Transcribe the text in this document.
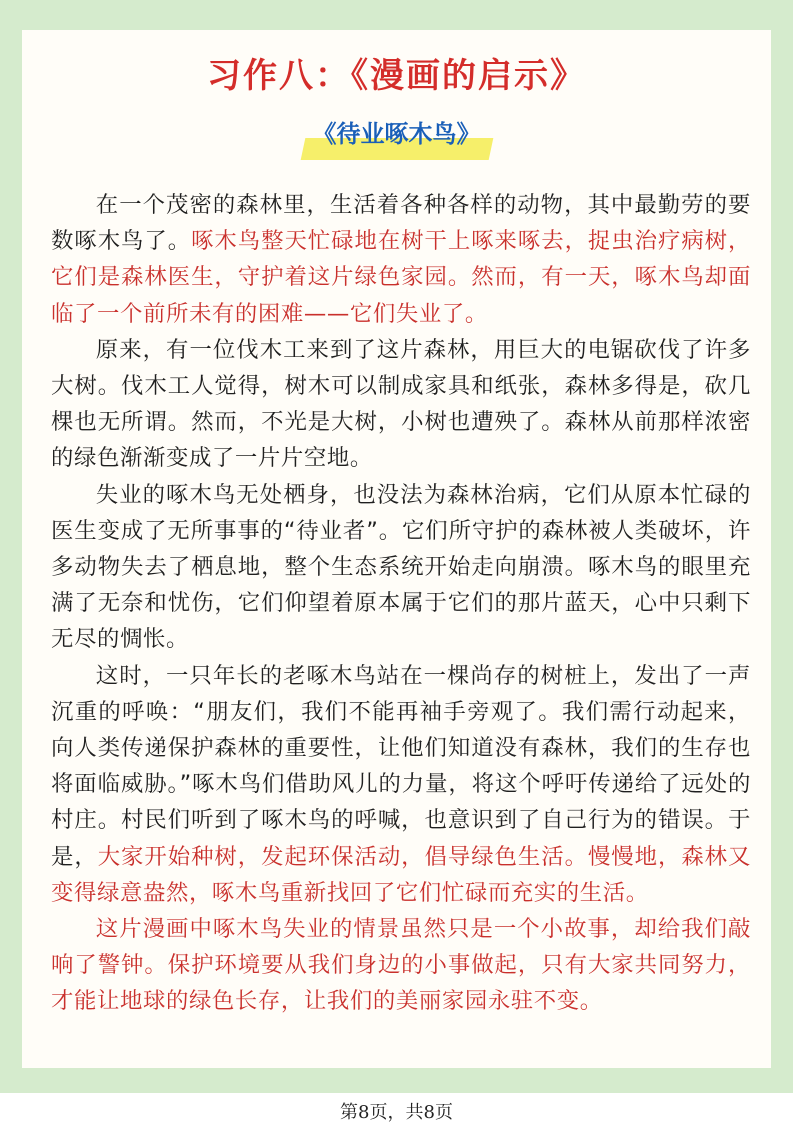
习作八：《漫画的启示》
《待业啄木鸟》

在一个茂密的森林里，生活着各种各样的动物，其中最勤劳的要数啄木鸟了。啄木鸟整天忙碌地在树干上啄来啄去，捉虫治疗病树，它们是森林医生，守护着这片绿色家园。然而，有一天，啄木鸟却面临了一个前所未有的困难——它们失业了。

原来，有一位伐木工来到了这片森林，用巨大的电锯砍伐了许多大树。伐木工人觉得，树木可以制成家具和纸张，森林多得是，砍几棵也无所谓。然而，不光是大树，小树也遭殃了。森林从前那样浓密的绿色渐渐变成了一片片空地。

失业的啄木鸟无处栖身，也没法为森林治病，它们从原本忙碌的医生变成了无所事事的“待业者”。它们所守护的森林被人类破坏，许多动物失去了栖息地，整个生态系统开始走向崩溃。啄木鸟的眼里充满了无奈和忧伤，它们仰望着原本属于它们的那片蓝天，心中只剩下无尽的惆怅。

这时，一只年长的老啄木鸟站在一棵尚存的树桩上，发出了一声沉重的呼唤：“朋友们，我们不能再袖手旁观了。我们需行动起来，向人类传递保护森林的重要性，让他们知道没有森林，我们的生存也将面临威胁。”啄木鸟们借助风儿的力量，将这个呼吁传递给了远处的村庄。村民们听到了啄木鸟的呼喊，也意识到了自己行为的错误。于是，大家开始种树，发起环保活动，倡导绿色生活。慢慢地，森林又变得绿意盎然，啄木鸟重新找回了它们忙碌而充实的生活。

这片漫画中啄木鸟失业的情景虽然只是一个小故事，却给我们敲响了警钟。保护环境要从我们身边的小事做起，只有大家共同努力，才能让地球的绿色长存，让我们的美丽家园永驻不变。

第8页，共8页
